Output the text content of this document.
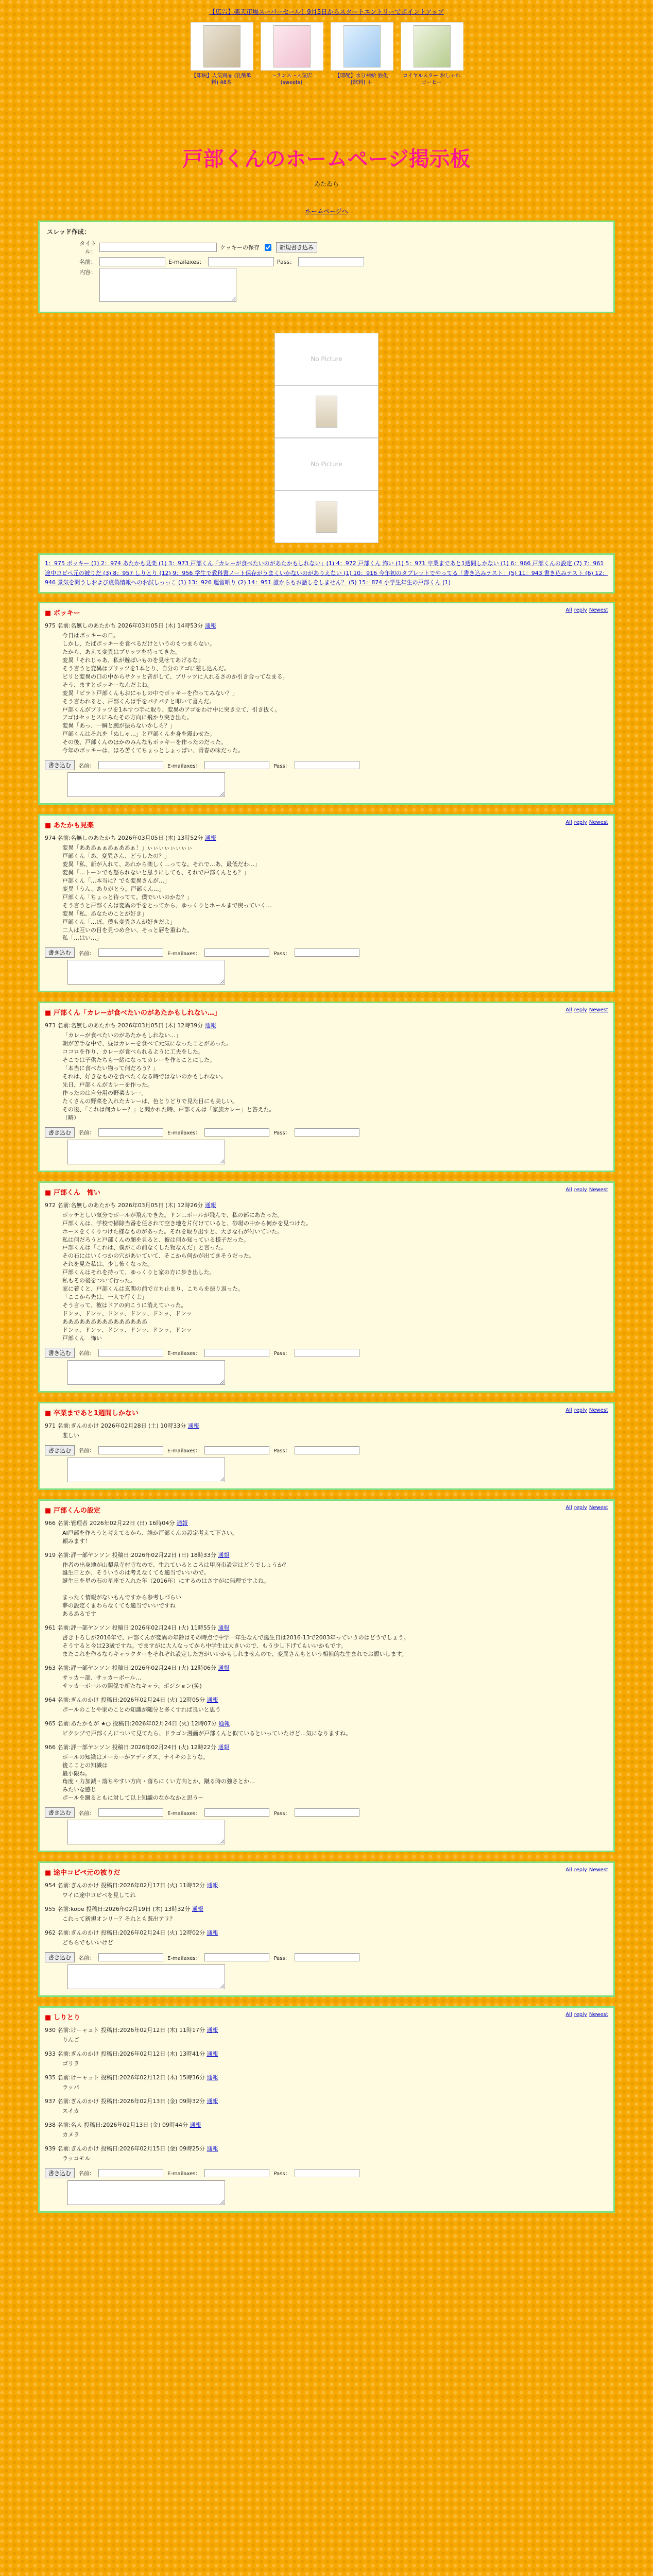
【広告】楽天市場スーパーセール！9月5日からスタートエントリーでポイントアップ
【即納】人気商品 (乳酸飲料) 48本
～ランス～人気店 (sweets)
【即配】水分補給 強化 [飲料] ＋
ロイヤルスター おしゃれ コーヒー
戸部くんのホームページ掲示板
ゐたゐら
ホームページへ
スレッド作成：
タイトル：
クッキーの保存	新規書き込み
名前：	E-mailaxes：	Pass：
内容：
No Picture
No Picture
1：975 ボッキー (1) 2：974 あたかも見楽 (1) 3：973 戸部くん「カレーが食べたいのがあたかもしれない」(1) 4：972 戸部くん 怖い (1) 5：971 卒業まであと1週間しかない (1) 6：966 戸部くんの設定 (7) 7：961 途中コピペ元の被りだ (3) 8：957 しりとり (12) 9：956 学生で教科書ノート保存がうまくいかないのがありえない (1) 10：916 今年初のタブレットでやってる「書き込みテスト」(5) 11：943 書き込みテスト (6) 12：946 景気を問うしおよび虚偽情報へのお試しっっこ (1) 13：926 運営晒り (2) 14：951 誰からもお話しをしません？ (5) 15：874 小学生年生の戸部くん (1)
All reply Newest
■ ボッキー
975 名前:名無しのあたかち 2026年03月05日 (木) 14時53分 通報
今日はボッキーの日。
しかし、たばボッキーを食べるだけというのもつまらない。
たから、あえて変異はプリッツを持ってきた。
変異「それじゃあ、私が遊ばいものを見せてあげるな」
そう言うと変異はプリッツを1本とり、自分のアゴに差し込んだ。
ピリと変異の口の中からサクッと音がして、プリッツに入れるさのか引き合ってなまる。
そう、ますとポッキーなんだよね。
変異「ピラト戸部くんもおにゃしの中でボッキーを作ってみない？」
そう言われると、戸部くんは手をパチパチと叩いて喜んだ。
戸部くんがプリッツを1本すつ手に取り、変異のアゴをわけ中に突き立て、引き抜く。
アゴはセッとスにみたその方向に飛かり突き出た。
変異「あっ、一瞬と腕が振らないかしら？」
戸部くんはそれを「ぬしゃ…」と戸部くんを身を震わせた。
その後、戸部くんのほかのみんなもボッキーを作ったのだった。
今年のボッキーは、ほろ苦くてちょっとしょっぱい、青春の味だった。
書き込む	名前：	E-mailaxes：	Pass：
All reply Newest
■ あたかも見楽
974 名前:名無しのあたかち 2026年03月05日 (木) 13時52分 通報
変異「あああぁぁあぁああぁ！」ぃぃぃぃぃぃぃぃ
戸部くん「あ、変異さん、どうしたの？」
変異「私、新が入れて、あれから楽しく…ってな。それで…あ、最低だわ…」
変異「…トーンでも怒られないと思うにしても、それで戸部くんとも？」
戸部くん「…本当に？でも変異さんが…」
変異「うん、ありがとう。戸部くん…」
戸部くん「ちょっと待ってて。僕でいいのかな？」
そう言うと戸部くんは変異の手をとってから、ゆっくりとホールまで戻っていく…
変異「私、あなたのことが好き」
戸部くん「…ぼ、僕も変異さんが好きだよ」
二人は互いの目を見つめ合い、そっと唇を重ねた。
私「…はい…」
書き込む	名前：	E-mailaxes：	Pass：
All reply Newest
■ 戸部くん「カレーが食べたいのがあたかもしれない…」
973 名前:名無しのあたかち 2026年03月05日 (木) 12時39分 通報
「カレーが食べたいのがあたかもしれない…」
朝が苦手な中で、昼はカレーを食べて元気になったことがあった。
ココロを作り、カレーが食べられるように工夫をした。
そこでは子供たちも一緒になってカレーを作ることにした。
「本当に食べたい物って何だろう？」
それは、好きなものを食べたくなる時ではないのかもしれない。
先日、戸部くんがカレーを作った。
作ったのは自分用の野菜カレー。
たくさんの野菜を入れたカレーは、色とりどりで見た目にも美しい。
その後、「これは何カレー？」と聞かれた時、戸部くんは「家族カレー」と答えた。
（略）
書き込む	名前：	E-mailaxes：	Pass：
All reply Newest
■ 戸部くん　怖い
972 名前:名無しのあたかち 2026年03月05日 (木) 12時26分 通報
ボッチとしい気分でボールが飛んできた。ドン…ボールが飛んで、私の部にあたった。
戸部くんは、学校で掃除当番を任されて空き地を片付けていると、砂場の中から何かを見つけた。
ホースをくくりつけた様なものがあった。それを取り出すと、大きな石が付いていた。
私は何だろうと戸部くんの顔を見ると、彼は何か知っている様子だった。
戸部くんは「これは、僕がこの前なくした物なんだ」と言った。
その石にはいくつかの穴があいていて、そこから何かが出てきそうだった。
それを見た私は、少し怖くなった。
戸部くんはそれを持って、ゆっくりと家の方に歩き出した。
私もその後をついて行った。
家に着くと、戸部くんは玄関の前で立ち止まり、こちらを振り返った。
「ここから先は、一人で行くよ」
そう言って、彼はドアの向こうに消えていった。
ドンッ、ドンッ、ドンッ、ドンッ、ドンッ、ドンッ
あああああああああああああああ
ドンッ、ドンッ、ドンッ、ドンッ、ドンッ、ドンッ
戸部くん　怖い
書き込む	名前：	E-mailaxes：	Pass：
All reply Newest
■ 卒業まであと1週間しかない
971 名前:ぎんのかけ 2026年02月28日 (土) 10時33分 通報
悲しい
書き込む	名前：	E-mailaxes：	Pass：
All reply Newest
■ 戸部くんの設定
966 名前:管理者 2026年02月22日 (日) 16時04分 通報
AI戸部を作ろうと考えてるから、誰か戸部くんの設定考えて下さい。
頼みます！
919 名前:評一部ヤンソン 投稿日:2026年02月22日 (日) 18時33分 通報
作者の出身地が山梨県寺村寺なので、生れているところは甲府市設定はどうでしょうか？
誕生日とか、そういうのは考えなくても適当でいいので。
誕生日を星の石の星座で入れた年（2016年）にするのはさすがに無理ですよね。

まったく情報がないもんですから参考しづらい
夢の設定くまわらなくても適当でいいですね
あるあるです
961 名前:評一部ヤンソン 投稿日:2026年02月24日 (火) 11時55分 通報
書き下ろしが2016年で、戸部くんが変異の年齢はその時点で中学一年生なんで誕生日は2016-13で2003年っていうのはどうでしょう。
そうすると今は23歳ですね。でますがに大人なってから中学生は大きいので、もう少し下げてもいいかもです。
またこれを作るならキャラクターをそれぞれ設定した方がいいかもしれませんので、変異さんもという相補的な生まれでお願いします。
963 名前:評一部ヤンソン 投稿日:2026年02月24日 (火) 12時06分 通報
サッカー部、サッカーボール…
サッカーボールの関係で新たなキャラ、ポジション(笑)
964 名前:ぎんのかけ 投稿日:2026年02月24日 (火) 12時05分 通報
ボールのことや家のことの知識が随分と多くすれば良いと思う
965 名前:あたかもが ★○ 投稿日:2026年02月24日 (火) 12時07分 通報
ピクシブで戸部くんについて見てたら、ドラゴン漫画が戸部くんと似ているといっていたけど…気になりますね。
966 名前:評一部ヤンソン 投稿日:2026年02月24日 (火) 12時22分 通報
ボールの知識はメーカーがアディダス、ナイキのような。
後こことの知識は
最小限ね。
角度・力加減・落ちやすい方向・落ちにくい方向とか、蹴る時の強さとか…
みたいな感じ
ボールを蹴るともに対して以上知識のなかなかと思う～
書き込む	名前：	E-mailaxes：	Pass：
All reply Newest
■ 途中コピペ元の被りだ
954 名前:ぎんのかけ 投稿日:2026年02月17日 (火) 11時32分 通報
ワイに途中コピペを見してれ
955 名前:kobe 投稿日:2026年02月19日 (木) 13時32分 通報
これって新規オンリー？それとも既出アリ？
962 名前:ぎんのかけ 投稿日:2026年02月24日 (火) 12時02分 通報
どちらでもいいけど
書き込む	名前：	E-mailaxes：	Pass：
All reply Newest
■ しりとり
930 名前:け－ャュト 投稿日:2026年02月12日 (木) 11時17分 通報
りんご
933 名前:ぎんのかけ 投稿日:2026年02月12日 (木) 13時41分 通報
ゴリラ
935 名前:け－ャュト 投稿日:2026年02月12日 (木) 15時36分 通報
ラッパ
937 名前:ぎんのかけ 投稿日:2026年02月13日 (金) 09時32分 通報
スイカ
938 名前:名人 投稿日:2026年02月13日 (金) 09時44分 通報
カメラ
939 名前:ぎんのかけ 投稿日:2026年02月15日 (金) 09時25分 通報
ラッコモル
書き込む	名前：	E-mailaxes：	Pass：
